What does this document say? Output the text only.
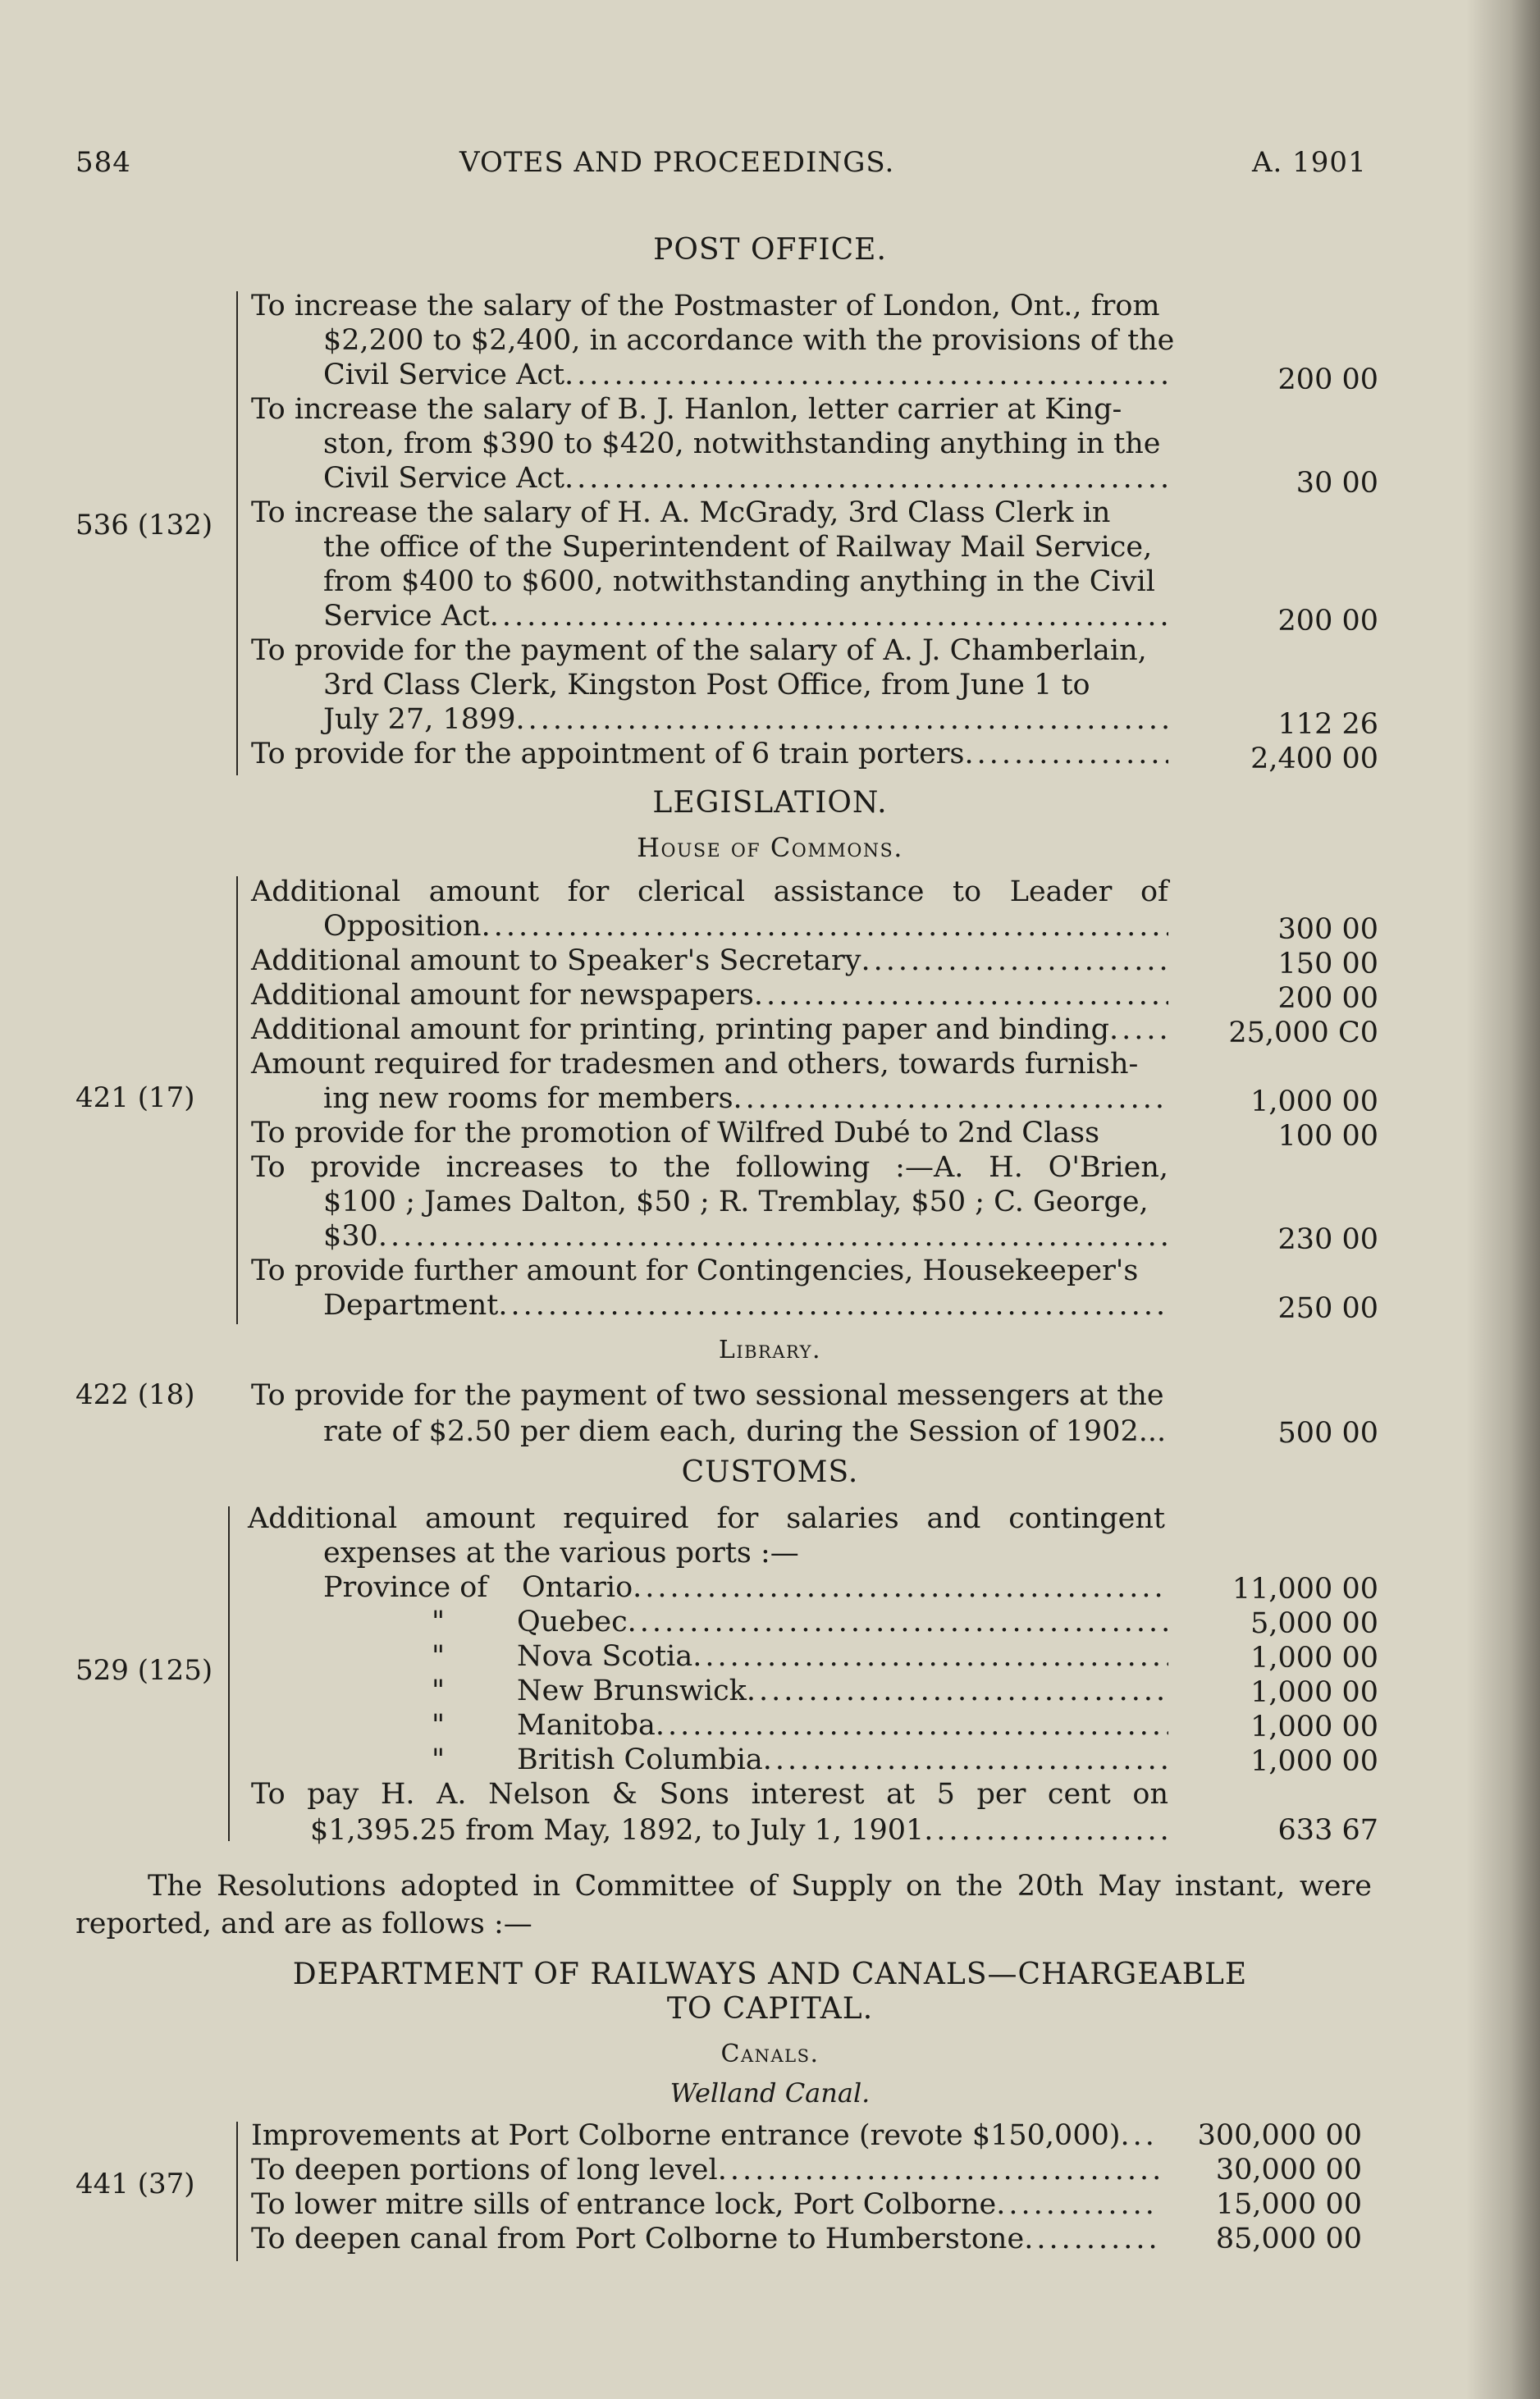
584	VOTES AND PROCEEDINGS.	A. 1901
POST OFFICE.
536 (132)
To increase the salary of the Postmaster of London, Ont., from
$2,200 to $2,400, in accordance with the provisions of the
Civil Service Act .....	200 00
To increase the salary of B. J. Hanlon, letter carrier at King-
ston, from $390 to $420, notwithstanding anything in the
Civil Service Act .....	30 00
To increase the salary of H. A. McGrady, 3rd Class Clerk in
the office of the Superintendent of Railway Mail Service,
from $400 to $600, notwithstanding anything in the Civil
Service Act .....	200 00
To provide for the payment of the salary of A. J. Chamberlain,
3rd Class Clerk, Kingston Post Office, from June 1 to
July 27, 1899 .....	112 26
To provide for the appointment of 6 train porters .....	2,400 00
LEGISLATION.
House of Commons.
421 (17)
Additional amount for clerical assistance to Leader of
Opposition .....	300 00
Additional amount to Speaker's Secretary .....	150 00
Additional amount for newspapers .....	200 00
Additional amount for printing, printing paper and binding .....	25,000 C0
Amount required for tradesmen and others, towards furnish-
ing new rooms for members .....	1,000 00
To provide for the promotion of Wilfred Dubé to 2nd Class	100 00
To provide increases to the following :—A. H. O'Brien,
$100 ; James Dalton, $50 ; R. Tremblay, $50 ; C. George,
$30 .....	230 00
To provide further amount for Contingencies, Housekeeper's
Department .....	250 00
Library.
422 (18) To provide for the payment of two sessional messengers at the
rate of $2.50 per diem each, during the Session of 1902...	500 00
CUSTOMS.
529 (125)
Additional amount required for salaries and contingent
expenses at the various ports :—
Province of Ontario .....	11,000 00
"	Quebec .....	5,000 00
"	Nova Scotia .....	1,000 00
"	New Brunswick .....	1,000 00
"	Manitoba .....	1,000 00
"	British Columbia .....	1,000 00
To pay H. A. Nelson & Sons interest at 5 per cent on
$1,395.25 from May, 1892, to July 1, 1901 .....	633 67
The Resolutions adopted in Committee of Supply on the 20th May instant, were reported, and are as follows :—
DEPARTMENT OF RAILWAYS AND CANALS—CHARGEABLE
TO CAPITAL.
Canals.
Welland Canal.
441 (37)
Improvements at Port Colborne entrance (revote $150,000) .....	300,000 00
To deepen portions of long level .....	30,000 00
To lower mitre sills of entrance lock, Port Colborne .....	15,000 00
To deepen canal from Port Colborne to Humberstone .....	85,000 00
